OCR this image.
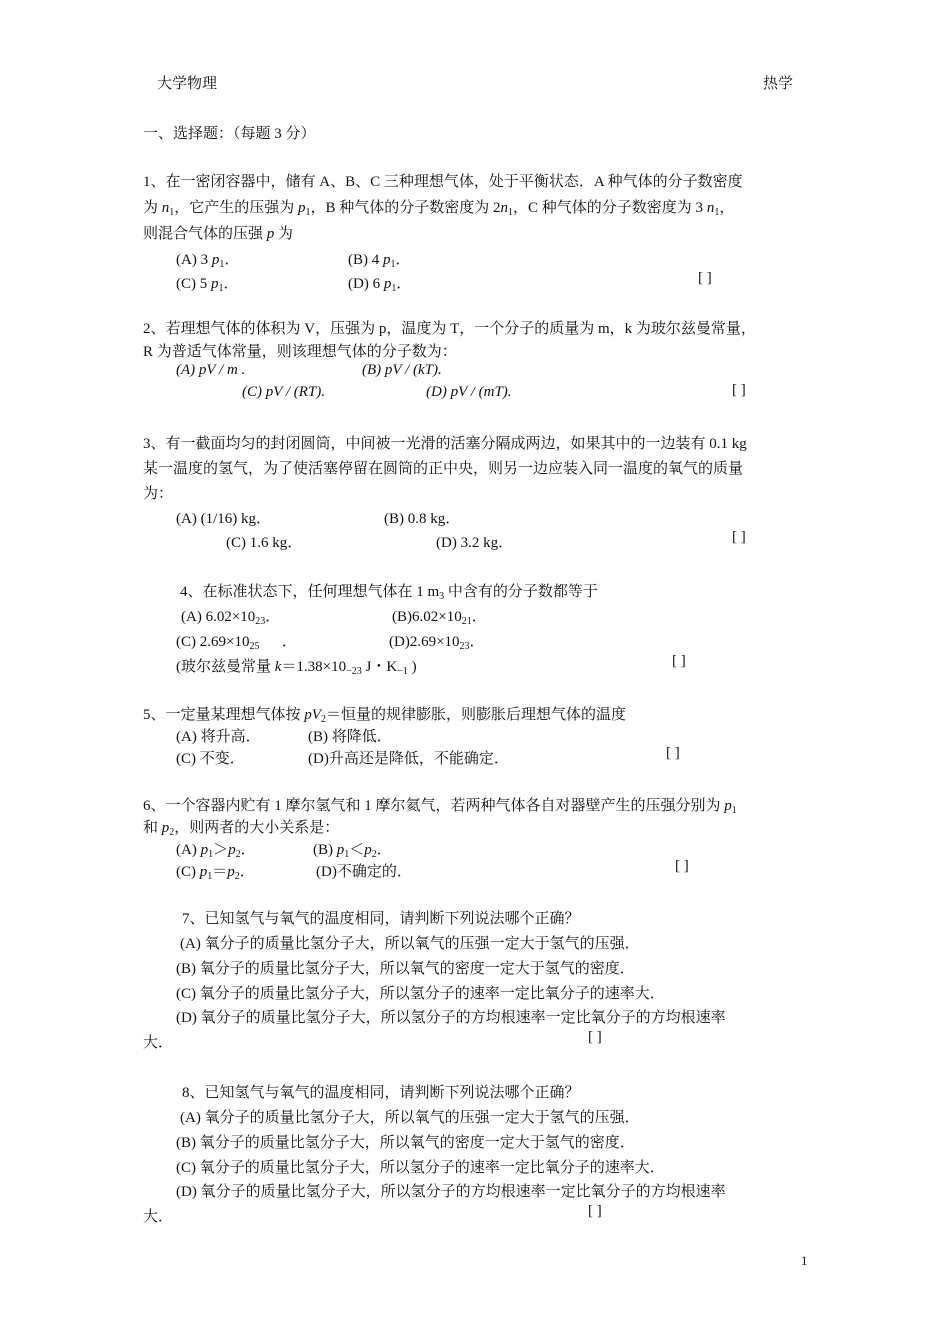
大学物理	热学
一、选择题：（每题 3 分）
1、在一密闭容器中，储有 A、B、C 三种理想气体，处于平衡状态．A 种气体的分子数密度
为 $n_1$，它产生的压强为 $p_1$，B 种气体的分子数密度为 $2n_1$，C 种气体的分子数密度为 3 $n_1$，
则混合气体的压强 p 为
(A) 3 $p_1$．	(B) 4 $p_1$．
(C) 5 $p_1$．	(D) 6 $p_1$．	[ ]
2、若理想气体的体积为 V，压强为 p，温度为 T，一个分子的质量为 m，k 为玻尔兹曼常量，
R 为普适气体常量，则该理想气体的分子数为：
(A) pV / m .	(B) pV / (kT).
(C) pV / (RT).	(D) pV / (mT).	[ ]
3、有一截面均匀的封闭圆筒，中间被一光滑的活塞分隔成两边，如果其中的一边装有 0.1 kg
某一温度的氢气，为了使活塞停留在圆筒的正中央，则另一边应装入同一温度的氧气的质量
为：
(A) (1/16) kg．	(B) 0.8 kg．
(C) 1.6 kg．	(D) 3.2 kg．	[ ]
4、在标准状态下，任何理想气体在 1 $m_3$ 中含有的分子数都等于
(A) $6.02\times 10_{23}$．	$(B)6.02\times 10_{21}$．
(C) $2.69\times 10_{25}$      ．	$(D)2.69\times 10_{23}$．
(玻尔兹曼常量 $k=1.38\times 10_{-23}$ J・$K_{-1}$ )	[ ]
5、一定量某理想气体按 $pV_2=$恒量的规律膨胀，则膨胀后理想气体的温度
(A) 将升高．	(B) 将降低．
(C) 不变．	(D)升高还是降低，不能确定．	[ ]
6、一个容器内贮有 1 摩尔氢气和 1 摩尔氦气，若两种气体各自对器壁产生的压强分别为 $p_1$
和 $p_2$，则两者的大小关系是：
(A) $p_1>p_2$．	(B) $p_1<p_2$．
(C) $p_1=p_2$．	(D)不确定的．	[ ]
7、已知氢气与氧气的温度相同，请判断下列说法哪个正确？
(A) 氧分子的质量比氢分子大，所以氧气的压强一定大于氢气的压强．
(B) 氧分子的质量比氢分子大，所以氧气的密度一定大于氢气的密度．
(C) 氧分子的质量比氢分子大，所以氢分子的速率一定比氧分子的速率大．
(D) 氧分子的质量比氢分子大，所以氢分子的方均根速率一定比氧分子的方均根速率
大．	[ ]
8、已知氢气与氧气的温度相同，请判断下列说法哪个正确？
(A) 氧分子的质量比氢分子大，所以氧气的压强一定大于氢气的压强．
(B) 氧分子的质量比氢分子大，所以氧气的密度一定大于氢气的密度．
(C) 氧分子的质量比氢分子大，所以氢分子的速率一定比氧分子的速率大．
(D) 氧分子的质量比氢分子大，所以氢分子的方均根速率一定比氧分子的方均根速率
大．	[ ]
1
